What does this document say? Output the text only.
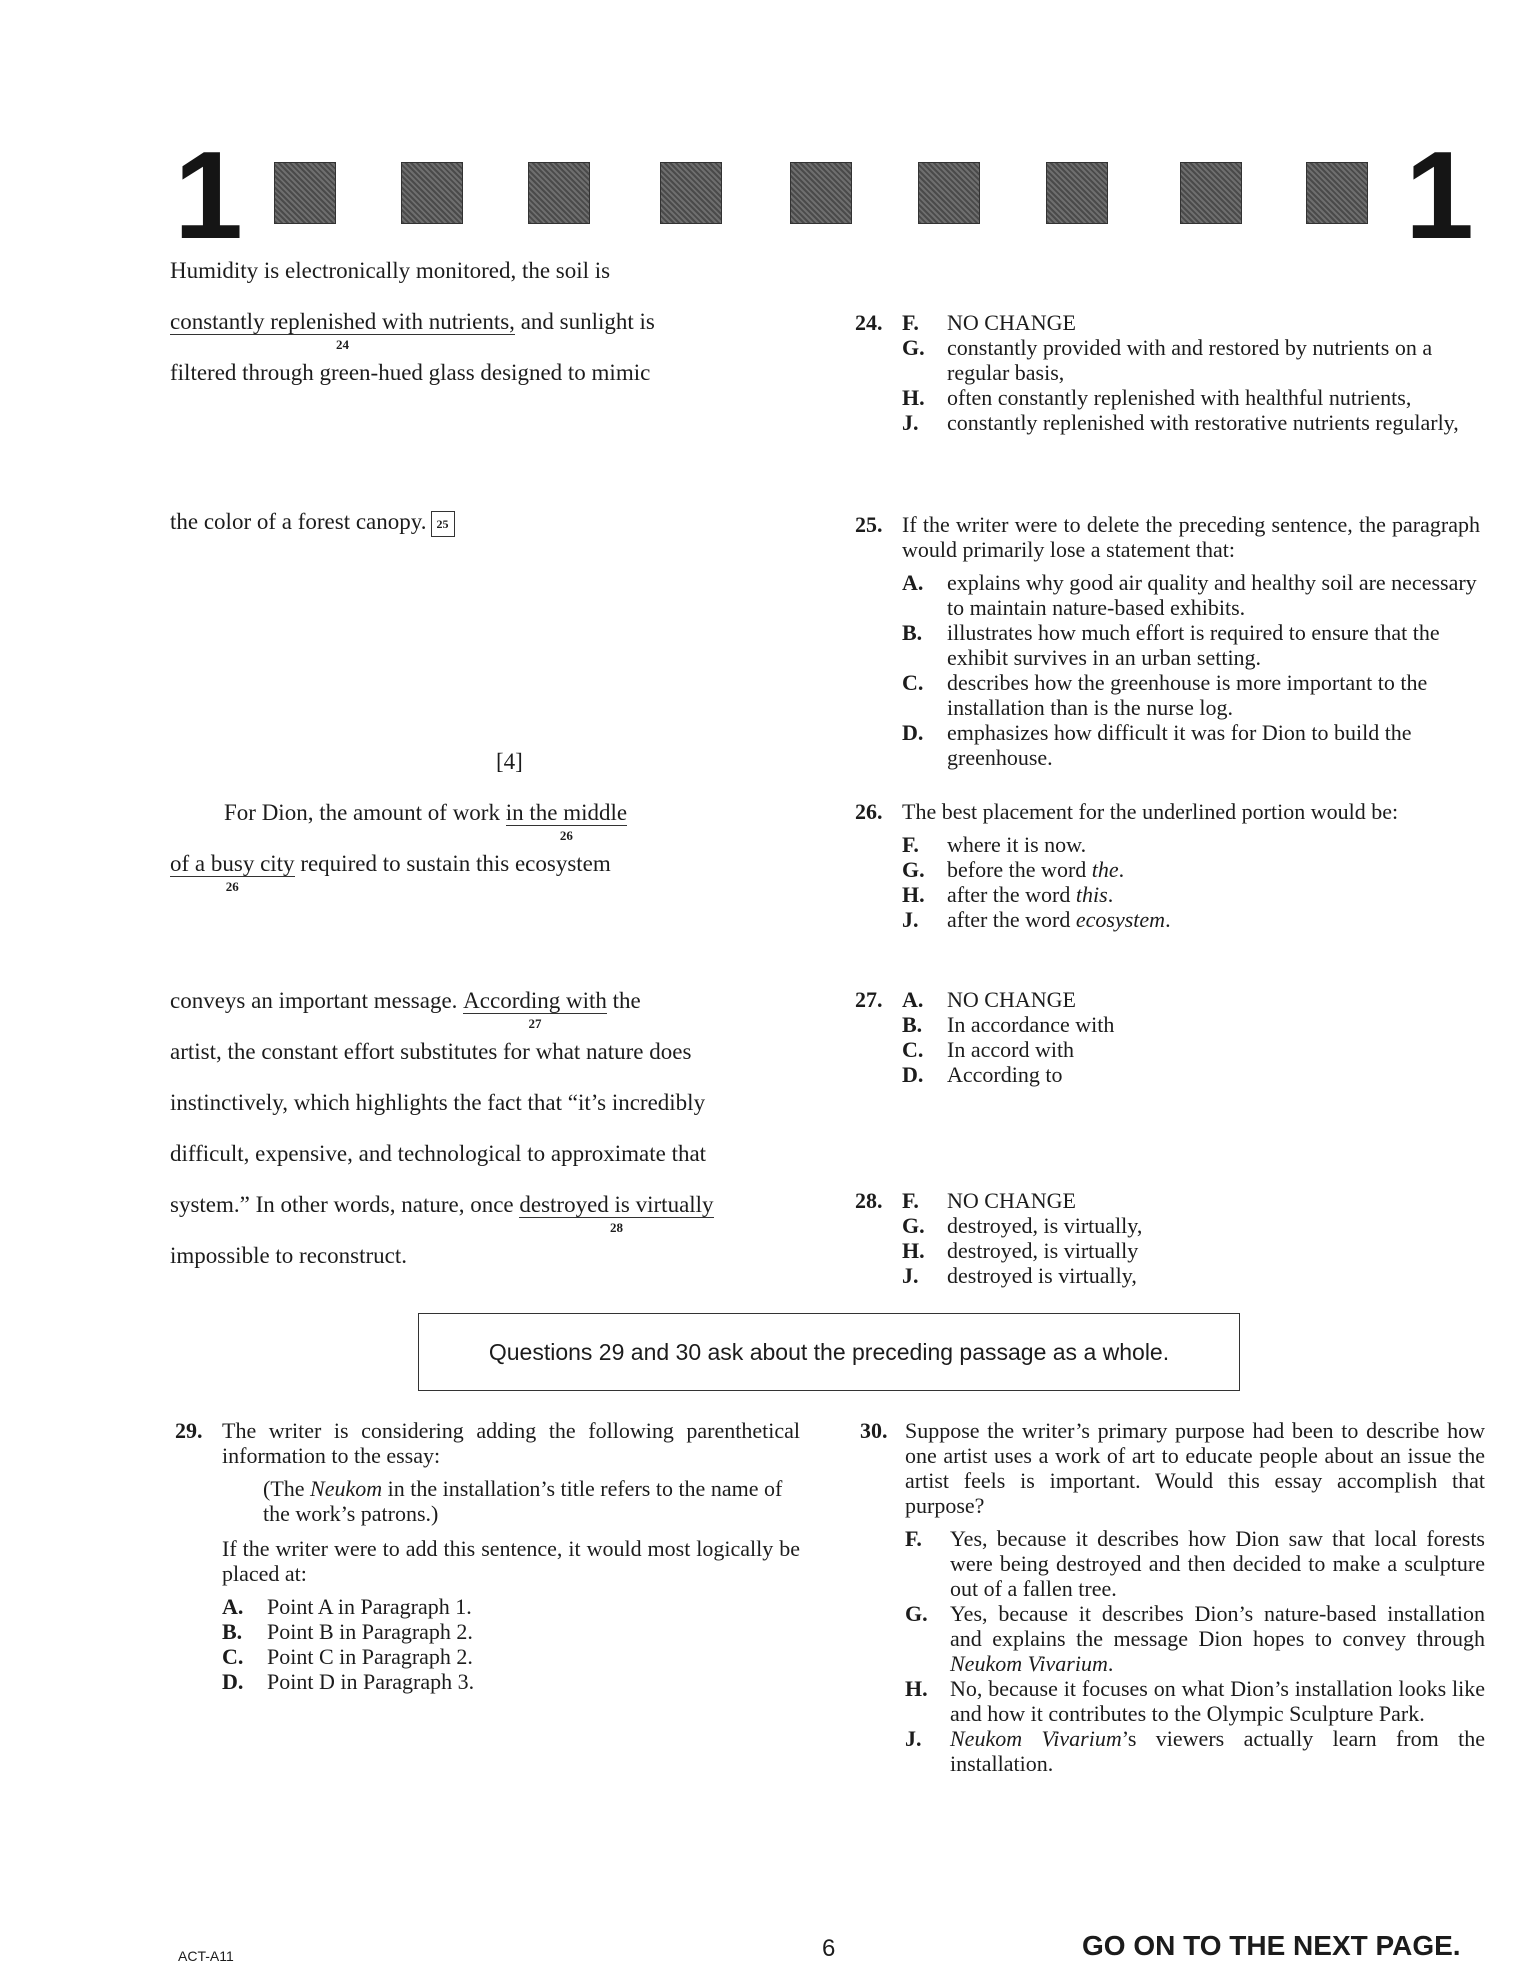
1	1
Humidity is electronically monitored, the soil is
constantly replenished with nutrients,
24
and sunlight is
filtered through green-hued glass designed to mimic
the color of a forest canopy. 25
[4]
For Dion, the amount of work in the middle
26
of a busy city
26
required to sustain this ecosystem
conveys an important message. According with
27
the
artist, the constant effort substitutes for what nature does
instinctively, which highlights the fact that “it’s incredibly
difficult, expensive, and technological to approximate that
system.” In other words, nature, once destroyed is virtually
28
impossible to reconstruct.
24. F. NO CHANGE
G. constantly provided with and restored by nutrients on a regular basis,
H. often constantly replenished with healthful nutrients,
J. constantly replenished with restorative nutrients regularly,
25. If the writer were to delete the preceding sentence, the paragraph would primarily lose a statement that:
A. explains why good air quality and healthy soil are necessary to maintain nature-based exhibits.
B. illustrates how much effort is required to ensure that the exhibit survives in an urban setting.
C. describes how the greenhouse is more important to the installation than is the nurse log.
D. emphasizes how difficult it was for Dion to build the greenhouse.
26. The best placement for the underlined portion would be:
F. where it is now.
G. before the word the.
H. after the word this.
J. after the word ecosystem.
27. A. NO CHANGE
B. In accordance with
C. In accord with
D. According to
28. F. NO CHANGE
G. destroyed, is virtually,
H. destroyed, is virtually
J. destroyed is virtually,
Questions 29 and 30 ask about the preceding passage as a whole.
29. The writer is considering adding the following parenthetical information to the essay:
(The Neukom in the installation’s title refers to the name of the work’s patrons.)
If the writer were to add this sentence, it would most logically be placed at:
A. Point A in Paragraph 1.
B. Point B in Paragraph 2.
C. Point C in Paragraph 2.
D. Point D in Paragraph 3.
30. Suppose the writer’s primary purpose had been to describe how one artist uses a work of art to educate people about an issue the artist feels is important. Would this essay accomplish that purpose?
F. Yes, because it describes how Dion saw that local forests were being destroyed and then decided to make a sculpture out of a fallen tree.
G. Yes, because it describes Dion’s nature-based installation and explains the message Dion hopes to convey through Neukom Vivarium.
H. No, because it focuses on what Dion’s installation looks like and how it contributes to the Olympic Sculpture Park.
J. Neukom Vivarium’s viewers actually learn from the installation.
ACT-A11	6	GO ON TO THE NEXT PAGE.
